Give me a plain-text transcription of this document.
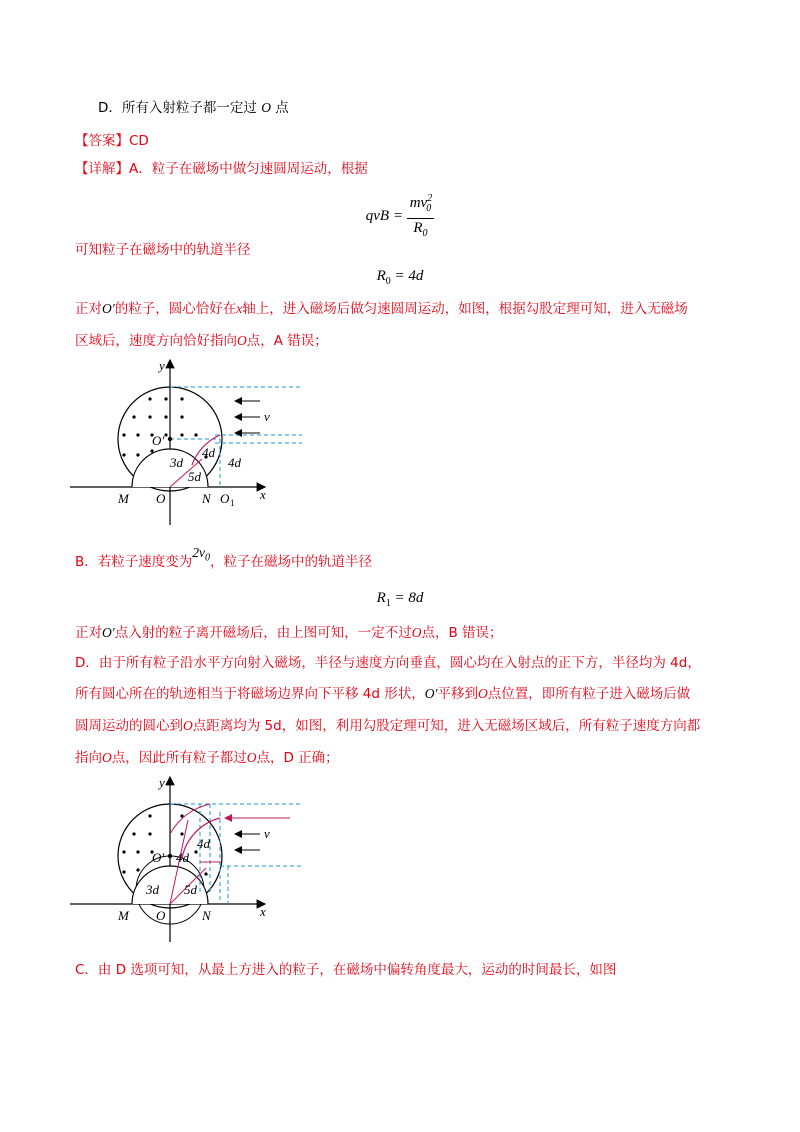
D．所有入射粒子都一定过 O 点
【答案】CD
【详解】A．粒子在磁场中做匀速圆周运动，根据
qvB = $\frac{mv^2_0}{R_0}$
可知粒子在磁场中的轨道半径
$R_0 = 4d$
正对O′的粒子，圆心恰好在x轴上，进入磁场后做匀速圆周运动，如图，根据勾股定理可知，进入无磁场
区域后，速度方向恰好指向O点，A 错误；
y
v
O′
3d
4d
4d
5d
M O	N O 1
x
B．若粒子速度变为$2v_0$，粒子在磁场中的轨道半径
$R_1 = 8d$
正对O′点入射的粒子离开磁场后，由上图可知，一定不过O点，B 错误；
D．由于所有粒子沿水平方向射入磁场，半径与速度方向垂直，圆心均在入射点的正下方，半径均为 4d，
所有圆心所在的轨迹相当于将磁场边界向下平移 4d 形状，O′平移到O点位置，即所有粒子进入磁场后做
圆周运动的圆心到O点距离均为 5d，如图，利用勾股定理可知，进入无磁场区域后，所有粒子速度方向都
指向O点，因此所有粒子都过O点，D 正确；
y
v
O′ 4d
4d
3d 5d
M O	N	x
C．由 D 选项可知，从最上方进入的粒子，在磁场中偏转角度最大，运动的时间最长，如图
